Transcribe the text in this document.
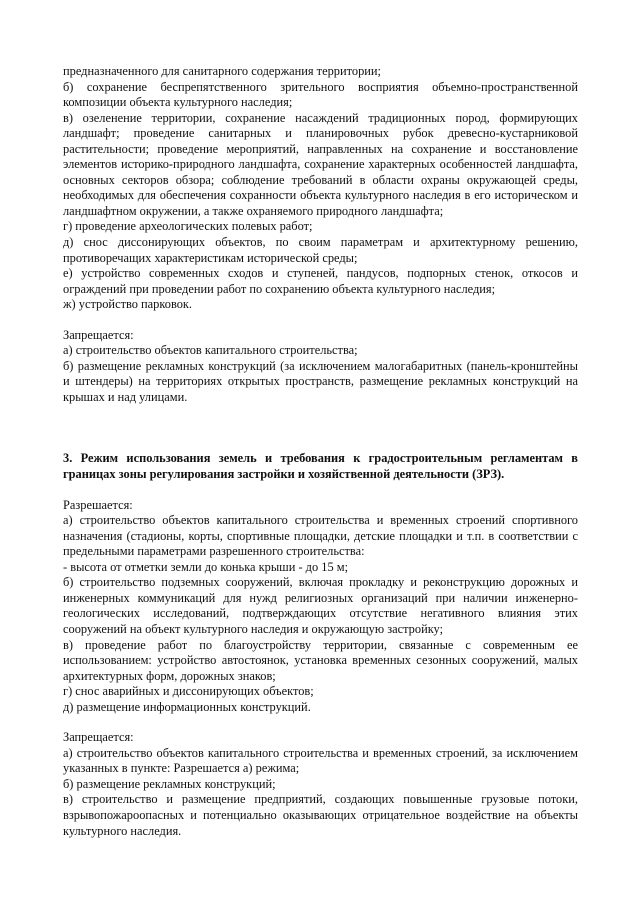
предназначенного для санитарного содержания территории;

б) сохранение беспрепятственного зрительного восприятия объемно-пространственной композиции объекта культурного наследия;

в) озеленение территории, сохранение насаждений традиционных пород, формирующих ландшафт; проведение санитарных и планировочных рубок древесно-кустарниковой растительности; проведение мероприятий, направленных на сохранение и восстановление элементов историко-природного ландшафта, сохранение характерных особенностей ландшафта, основных секторов обзора; соблюдение требований в области охраны окружающей среды, необходимых для обеспечения сохранности объекта культурного наследия в его историческом и ландшафтном окружении, а также охраняемого природного ландшафта;

г) проведение археологических полевых работ;

д) снос диссонирующих объектов, по своим параметрам и архитектурному решению, противоречащих характеристикам исторической среды;

е) устройство современных сходов и ступеней, пандусов, подпорных стенок, откосов и ограждений при проведении работ по сохранению объекта культурного наследия;

ж) устройство парковок.

Запрещается:

а) строительство объектов капитального строительства;

б) размещение рекламных конструкций (за исключением малогабаритных (панель-кронштейны и штендеры) на территориях открытых пространств, размещение рекламных конструкций на крышах и над улицами.

3. Режим использования земель и требования к градостроительным регламентам в границах зоны регулирования застройки и хозяйственной деятельности (ЗРЗ).

Разрешается:

а) строительство объектов капитального строительства и временных строений спортивного назначения (стадионы, корты, спортивные площадки, детские площадки и т.п. в соответствии с предельными параметрами разрешенного строительства:

- высота от отметки земли до конька крыши - до 15 м;

б) строительство подземных сооружений, включая прокладку и реконструкцию дорожных и инженерных коммуникаций для нужд религиозных организаций при наличии инженерно-геологических исследований, подтверждающих отсутствие негативного влияния этих сооружений на объект культурного наследия и окружающую застройку;

в) проведение работ по благоустройству территории, связанные с современным ее использованием: устройство автостоянок, установка временных сезонных сооружений, малых архитектурных форм, дорожных знаков;

г) снос аварийных и диссонирующих объектов;

д) размещение информационных конструкций.

Запрещается:

а) строительство объектов капитального строительства и временных строений, за исключением указанных в пункте: Разрешается а) режима;

б) размещение рекламных конструкций;

в) строительство и размещение предприятий, создающих повышенные грузовые потоки, взрывопожароопасных и потенциально оказывающих отрицательное воздействие на объекты культурного наследия.
